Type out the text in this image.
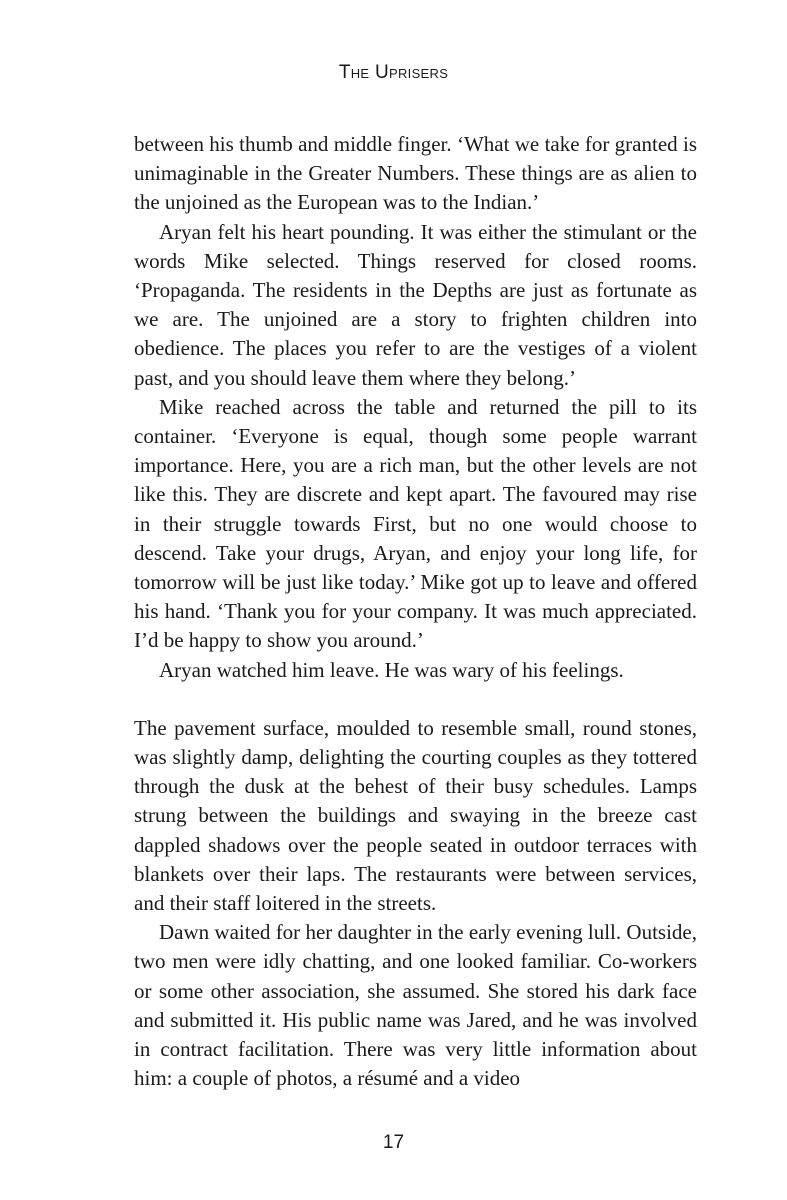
The Uprisers

between his thumb and middle finger. ‘What we take for granted is unimaginable in the Greater Numbers. These things are as alien to the unjoined as the European was to the Indian.’

Aryan felt his heart pounding. It was either the stimulant or the words Mike selected. Things reserved for closed rooms. ‘Propaganda. The residents in the Depths are just as fortunate as we are. The unjoined are a story to frighten children into obedience. The places you refer to are the vestiges of a violent past, and you should leave them where they belong.’

Mike reached across the table and returned the pill to its container. ‘Everyone is equal, though some people warrant importance. Here, you are a rich man, but the other levels are not like this. They are discrete and kept apart. The favoured may rise in their struggle towards First, but no one would choose to descend. Take your drugs, Aryan, and enjoy your long life, for tomorrow will be just like today.’ Mike got up to leave and offered his hand. ‘Thank you for your company. It was much appreciated. I’d be happy to show you around.’

Aryan watched him leave. He was wary of his feelings.

The pavement surface, moulded to resemble small, round stones, was slightly damp, delighting the courting couples as they tottered through the dusk at the behest of their busy schedules. Lamps strung between the buildings and swaying in the breeze cast dappled shadows over the people seated in outdoor terraces with blankets over their laps. The restaurants were between services, and their staff loitered in the streets.

Dawn waited for her daughter in the early evening lull. Outside, two men were idly chatting, and one looked familiar. Co-workers or some other association, she assumed. She stored his dark face and submitted it. His public name was Jared, and he was involved in contract facilitation. There was very little information about him: a couple of photos, a résumé and a video

17
